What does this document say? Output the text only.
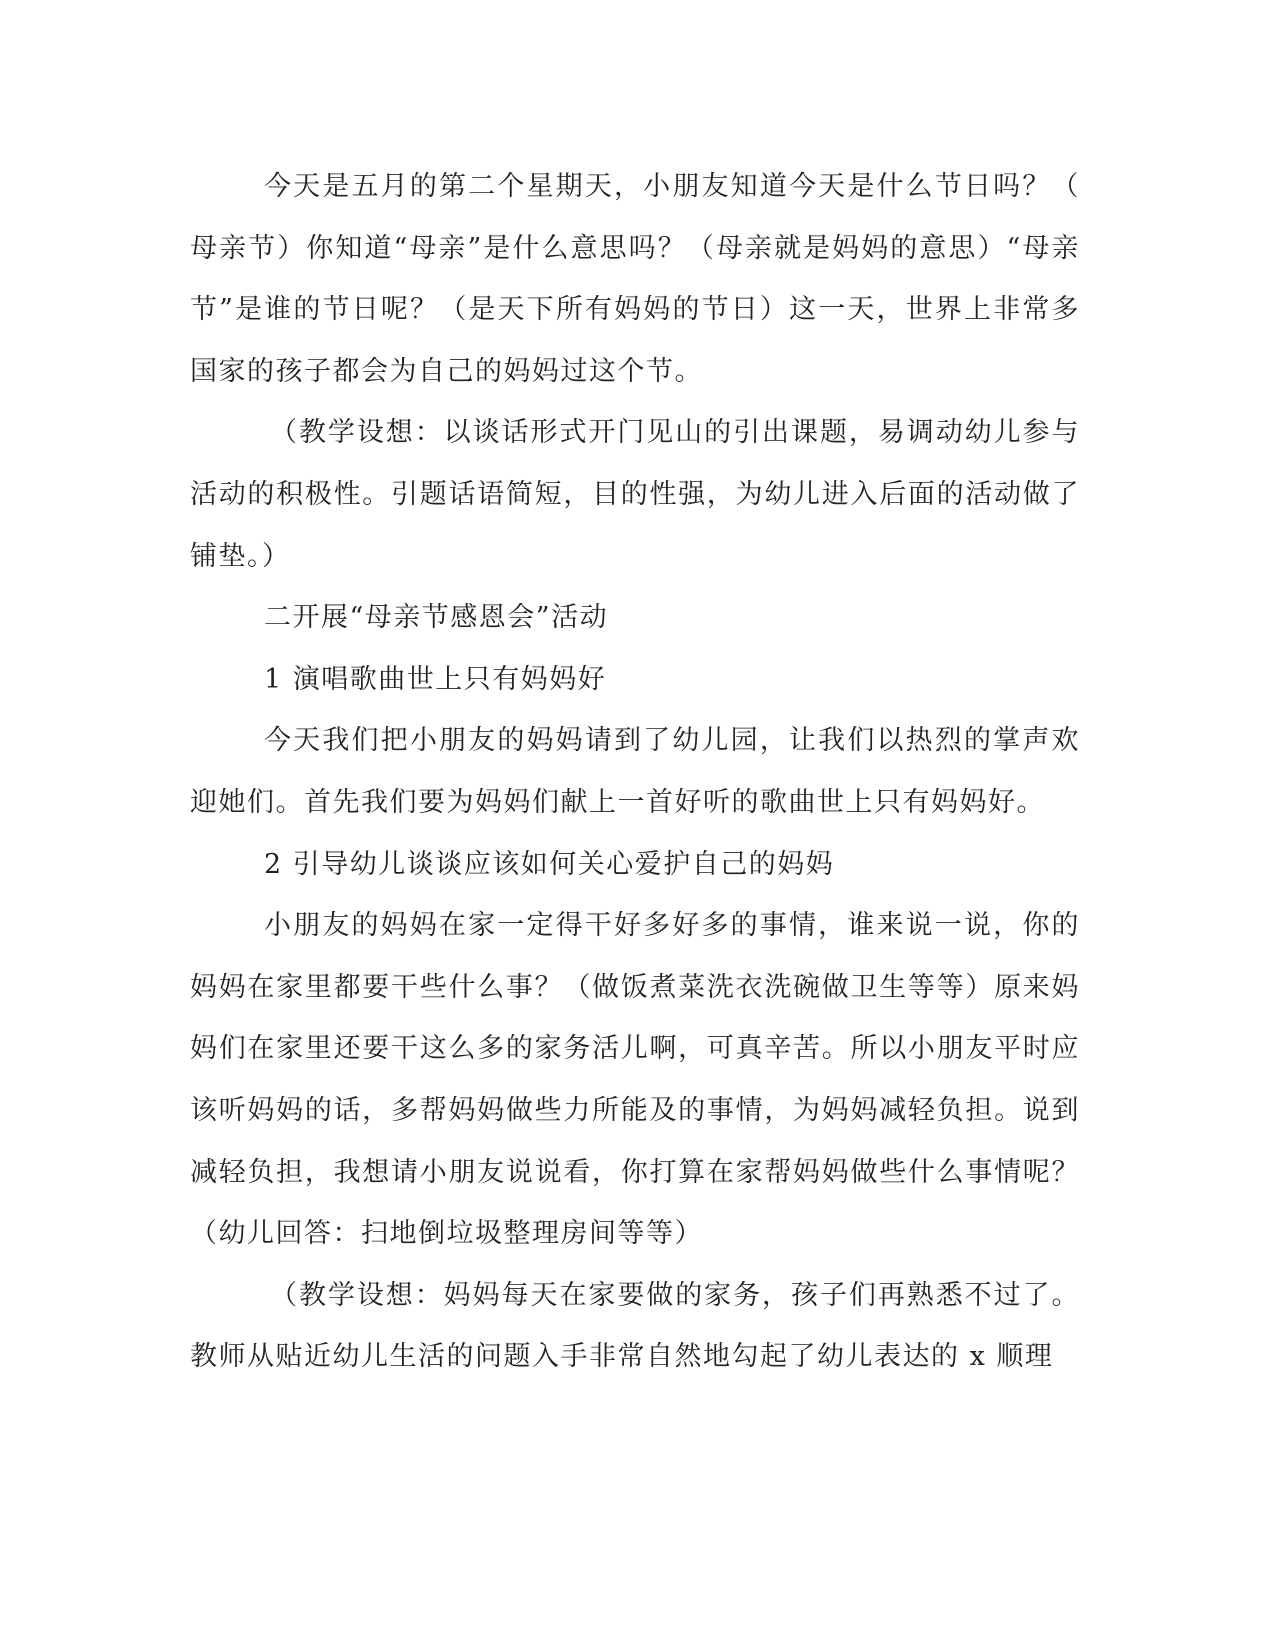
今天是五月的第二个星期天，小朋友知道今天是什么节日吗？（母亲节）你知道“母亲”是什么意思吗？（母亲就是妈妈的意思）“母亲节”是谁的节日呢？（是天下所有妈妈的节日）这一天，世界上非常多国家的孩子都会为自己的妈妈过这个节。

（教学设想：以谈话形式开门见山的引出课题，易调动幼儿参与活动的积极性。引题话语简短，目的性强，为幼儿进入后面的活动做了铺垫。）

二开展“母亲节感恩会”活动

1 演唱歌曲世上只有妈妈好

今天我们把小朋友的妈妈请到了幼儿园，让我们以热烈的掌声欢迎她们。首先我们要为妈妈们献上一首好听的歌曲世上只有妈妈好。

2 引导幼儿谈谈应该如何关心爱护自己的妈妈

小朋友的妈妈在家一定得干好多好多的事情，谁来说一说，你的妈妈在家里都要干些什么事？（做饭煮菜洗衣洗碗做卫生等等）原来妈妈们在家里还要干这么多的家务活儿啊，可真辛苦。所以小朋友平时应该听妈妈的话，多帮妈妈做些力所能及的事情，为妈妈减轻负担。说到减轻负担，我想请小朋友说说看，你打算在家帮妈妈做些什么事情呢？（幼儿回答：扫地倒垃圾整理房间等等）

（教学设想：妈妈每天在家要做的家务，孩子们再熟悉不过了。教师从贴近幼儿生活的问题入手非常自然地勾起了幼儿表达的 x 顺理
